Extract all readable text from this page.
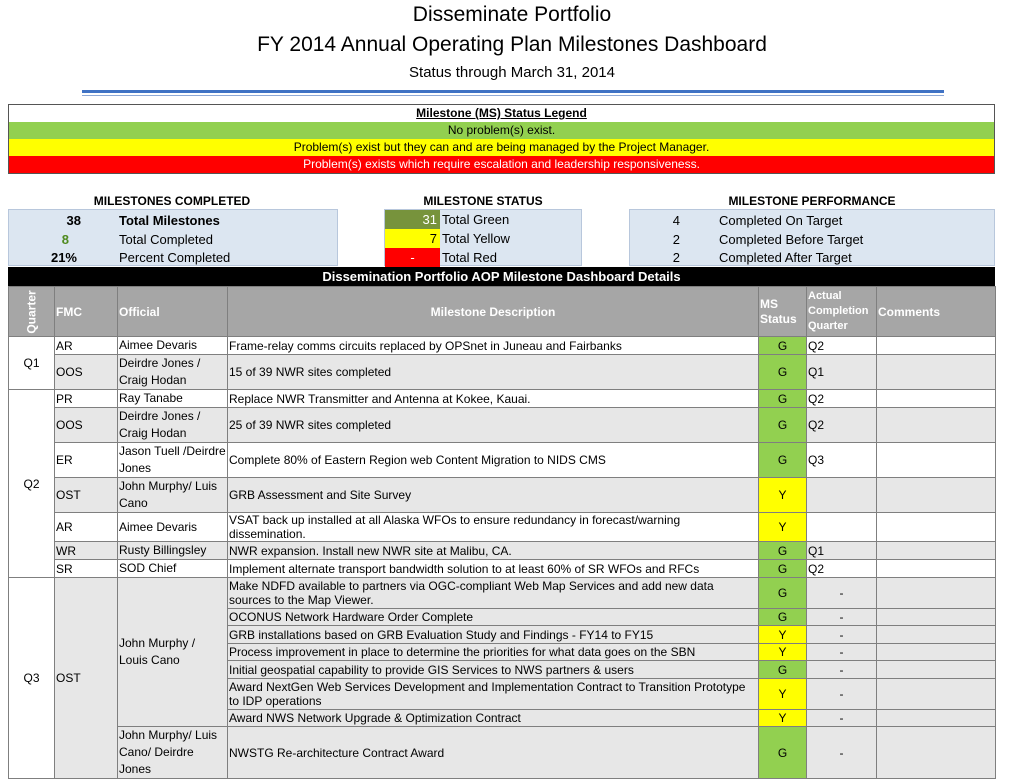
Disseminate Portfolio
FY 2014 Annual Operating Plan Milestones Dashboard
Status through March 31, 2014
Milestone (MS) Status Legend
No problem(s) exist.
Problem(s) exist but they can and are being managed by the Project Manager.
Problem(s) exists which require escalation and leadership responsiveness.
MILESTONES COMPLETED	MILESTONE STATUS	MILESTONE PERFORMANCE
38	Total Milestones
8	Total Completed
21%	Percent Completed
31 Total Green
7 Total Yellow
-	Total Red
4	Completed On Target
2	Completed Before Target
2	Completed After Target
Dissemination Portfolio AOP Milestone Dashboard Details
Quarter	FMC	Official	Milestone Description	MS Status	Actual Completion Quarter	Comments
Q1	AR	Aimee Devaris	Frame-relay comms circuits replaced by OPSnet in Juneau and Fairbanks	G	Q2	
	OOS	Deirdre Jones / Craig Hodan	15 of 39 NWR sites completed	G	Q1	
Q2	PR	Ray Tanabe	Replace NWR Transmitter and Antenna at Kokee, Kauai.	G	Q2	
	OOS	Deirdre Jones / Craig Hodan	25 of 39 NWR sites completed	G	Q2	
	ER	Jason Tuell /Deirdre Jones	Complete 80% of Eastern Region web Content Migration to NIDS CMS	G	Q3	
	OST	John Murphy/ Luis Cano	GRB Assessment and Site Survey	Y		
	AR	Aimee Devaris	VSAT back up installed at all Alaska WFOs to ensure redundancy in forecast/warning dissemination.	Y		
	WR	Rusty Billingsley	NWR expansion. Install new NWR site at Malibu, CA.	G	Q1	
	SR	SOD Chief	Implement alternate transport bandwidth solution to at least 60% of SR WFOs and RFCs	G	Q2	
Q3	OST	John Murphy / Louis Cano	Make NDFD available to partners via OGC-compliant Web Map Services and add new data sources to the Map Viewer.	G	-	
			OCONUS Network Hardware Order Complete	G	-	
			GRB installations based on GRB Evaluation Study and Findings - FY14 to FY15	Y	-	
			Process improvement in place to determine the priorities for what data goes on the SBN	Y	-	
			Initial geospatial capability to provide GIS Services to NWS partners & users	G	-	
			Award NextGen Web Services Development and Implementation Contract to Transition Prototype to IDP operations	Y	-	
			Award NWS Network Upgrade & Optimization Contract	Y	-	
		John Murphy/ Luis Cano/ Deirdre Jones	NWSTG Re-architecture Contract Award	G	-	
